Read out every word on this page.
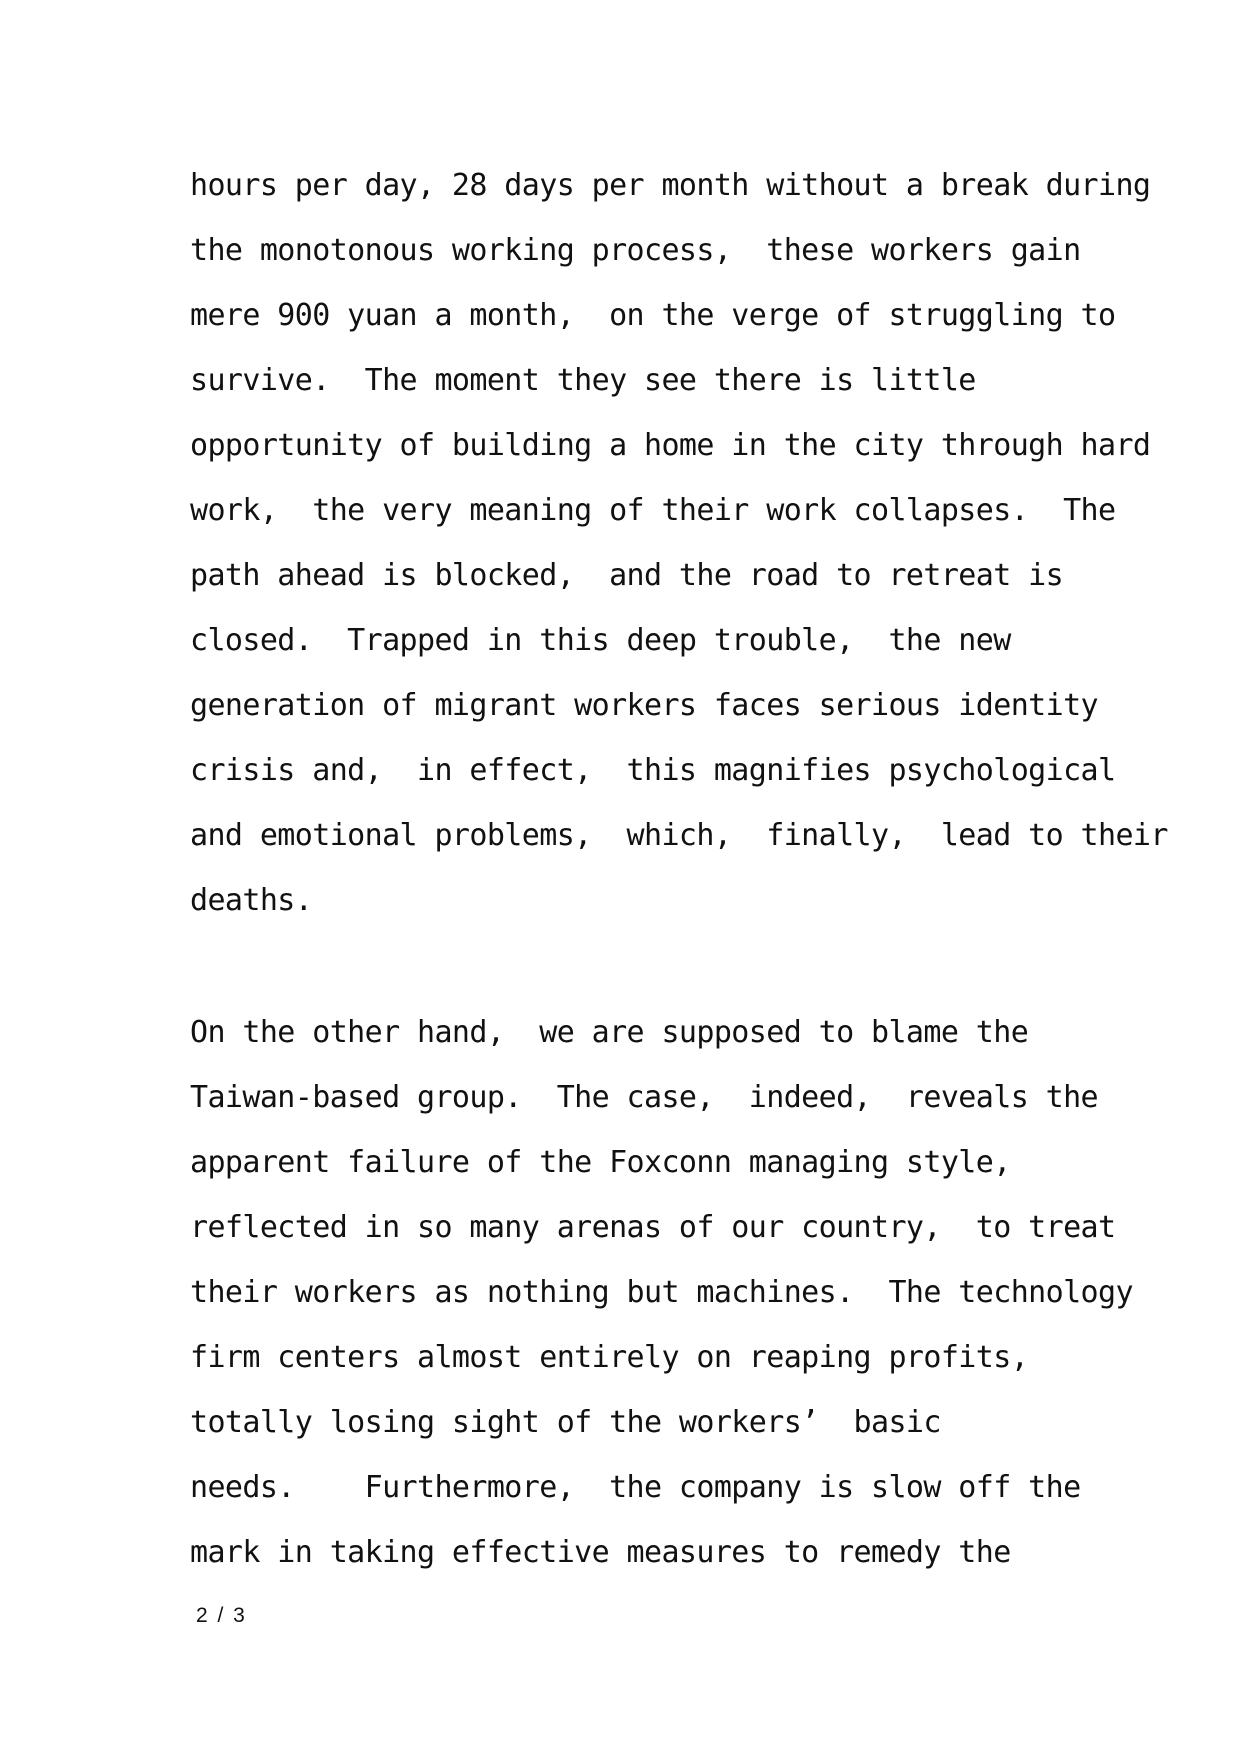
hours per day, 28 days per month without a break during
the monotonous working process,  these workers gain
mere 900 yuan a month,  on the verge of struggling to
survive.  The moment they see there is little
opportunity of building a home in the city through hard
work,  the very meaning of their work collapses.  The
path ahead is blocked,  and the road to retreat is
closed.  Trapped in this deep trouble,  the new
generation of migrant workers faces serious identity
crisis and,  in effect,  this magnifies psychological
and emotional problems,  which,  finally,  lead to their
deaths.
On the other hand,  we are supposed to blame the
Taiwan-based group.  The case,  indeed,  reveals the
apparent failure of the Foxconn managing style,
reflected in so many arenas of our country,  to treat
their workers as nothing but machines.  The technology
firm centers almost entirely on reaping profits,
totally losing sight of the workers’  basic
needs.    Furthermore,  the company is slow off the
mark in taking effective measures to remedy the
2 / 3
